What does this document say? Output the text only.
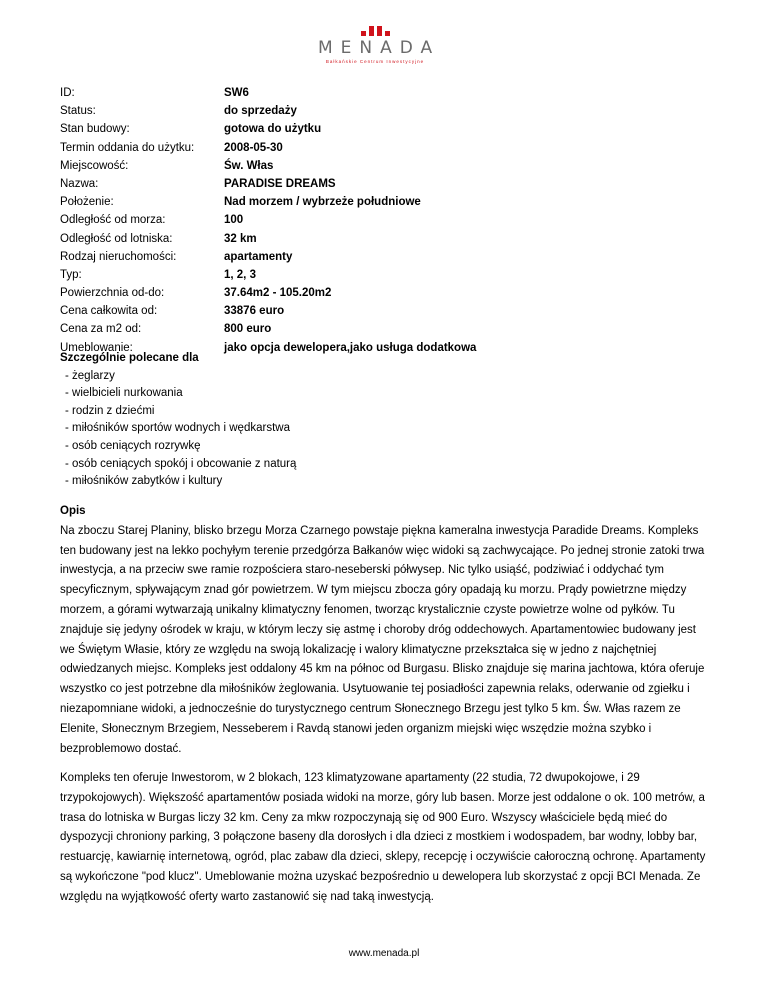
MENADA
Bałkańskie Centrum Inwestycyjne
ID:	SW6
Status:	do sprzedaży
Stan budowy:	gotowa do użytku
Termin oddania do użytku:	2008-05-30
Miejscowość:	Św. Włas
Nazwa:	PARADISE DREAMS
Położenie:	Nad morzem / wybrzeże południowe
Odległość od morza:	100
Odległość od lotniska:	32 km
Rodzaj nieruchomości:	apartamenty
Typ:	1, 2, 3
Powierzchnia od-do:	37.64m2 - 105.20m2
Cena całkowita od:	33876 euro
Cena za m2 od:	800 euro
Umeblowanie:	jako opcja dewelopera,jako usługa dodatkowa
Szczególnie polecane dla
- żeglarzy
- wielbicieli nurkowania
- rodzin z dziećmi
- miłośników sportów wodnych i wędkarstwa
- osób ceniących rozrywkę
- osób ceniących spokój i obcowanie z naturą
- miłośników zabytków i kultury
Opis

Na zboczu Starej Planiny, blisko brzegu Morza Czarnego powstaje piękna kameralna inwestycja Paradide Dreams. Kompleks ten budowany jest na lekko pochyłym terenie przedgórza Bałkanów więc widoki są zachwycające. Po jednej stronie zatoki trwa inwestycja, a na przeciw swe ramie rozpościera staro-neseberski półwysep. Nic tylko usiąść, podziwiać i oddychać tym specyficznym, spływającym znad gór powietrzem. W tym miejscu zbocza góry opadają ku morzu. Prądy powietrzne między morzem, a górami wytwarzają unikalny klimatyczny fenomen, tworząc krystalicznie czyste powietrze wolne od pyłków. Tu znajduje się jedyny ośrodek w kraju, w którym leczy się astmę i choroby dróg oddechowych. Apartamentowiec budowany jest we Świętym Własie, który ze względu na swoją lokalizację i walory klimatyczne przekształca się w jedno z najchętniej odwiedzanych miejsc. Kompleks jest oddalony 45 km na północ od Burgasu. Blisko znajduje się marina jachtowa, która oferuje wszystko co jest potrzebne dla miłośników żeglowania. Usytuowanie tej posiadłości zapewnia relaks, oderwanie od zgiełku i niezapomniane widoki, a jednocześnie do turystycznego centrum Słonecznego Brzegu jest tylko 5 km. Św. Włas razem ze Elenite, Słonecznym Brzegiem, Nesseberem i Ravdą stanowi jeden organizm miejski więc wszędzie można szybko i bezproblemowo dostać.

Kompleks ten oferuje Inwestorom, w 2 blokach, 123 klimatyzowane apartamenty (22 studia, 72 dwupokojowe, i 29 trzypokojowych). Większość apartamentów posiada widoki na morze, góry lub basen. Morze jest oddalone o ok. 100 metrów, a trasa do lotniska w Burgas liczy 32 km. Ceny za mkw rozpoczynają się od 900 Euro. Wszyscy właściciele będą mieć do dyspozycji chroniony parking, 3 połączone baseny dla dorosłych i dla dzieci z mostkiem i wodospadem, bar wodny, lobby bar, restuarcję, kawiarnię internetową, ogród, plac zabaw dla dzieci, sklepy, recepcję i oczywiście całoroczną ochronę. Apartamenty są wykończone "pod klucz". Umeblowanie można uzyskać bezpośrednio u dewelopera lub skorzystać z opcji BCI Menada. Ze względu na wyjątkowość oferty warto zastanowić się nad taką inwestycją.

www.menada.pl
